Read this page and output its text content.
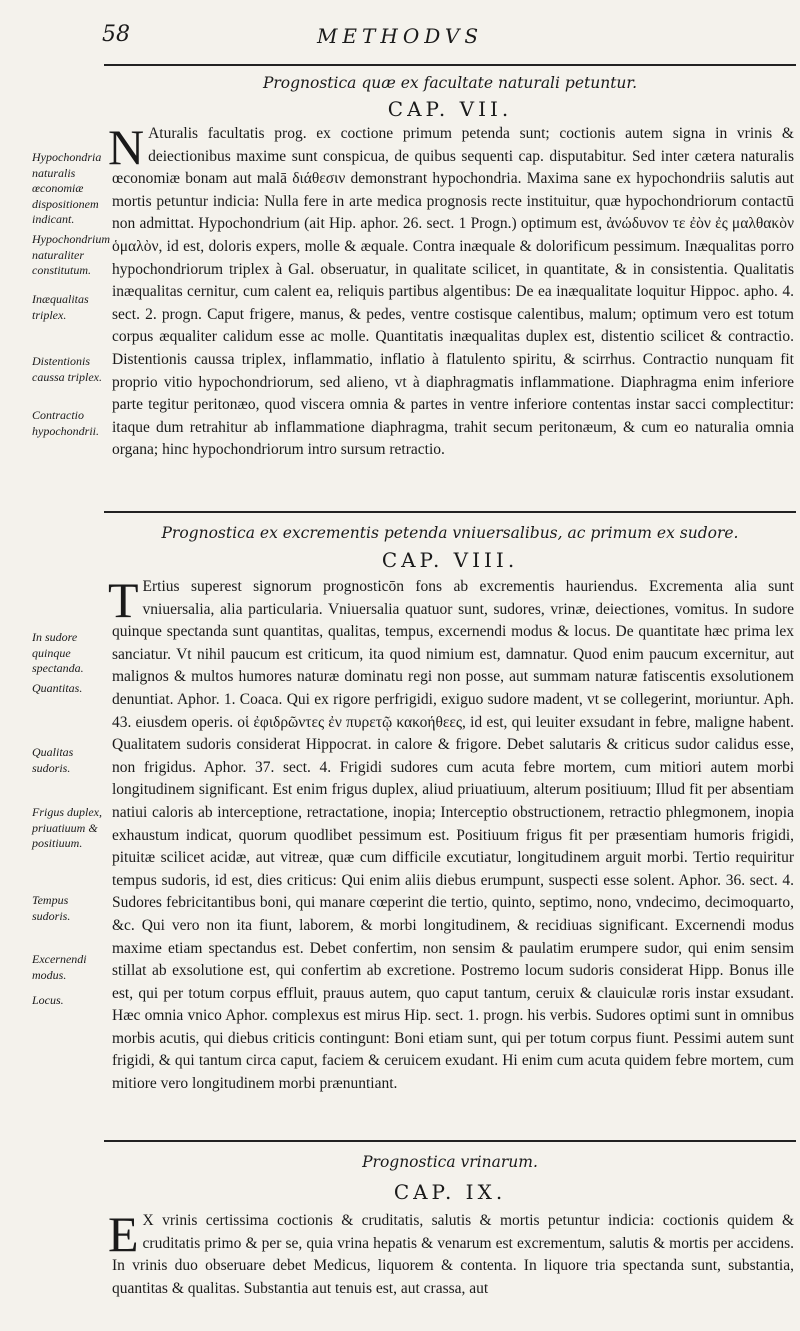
58	METHODVS
Prognostica quæ ex facultate naturali petuntur.
CAP. VII.
N Aturalis facultatis prog. ex coctione primum petenda sunt; coctionis autem signa in vrinis & deiectionibus maxime sunt conspicua, de quibus sequenti cap. disputabitur. Sed inter cætera naturalis œconomiæ bonam aut malā διάθεσιν demonstrant hypochondria. Maxima sane ex hypochondriis salutis aut mortis petuntur indicia: Nulla fere in arte medica prognosis recte instituitur, quæ hypochondriorum contactū non admittat. Hypochondrium (ait Hip. aphor. 26. sect. 1 Progn.) optimum est, ἀνώδυνον τε ἐὸν ἐς μαλθακὸν ὁμαλὸν, id est, doloris expers, molle & æquale. Contra inæquale & dolorificum pessimum. Inæqualitas porro hypochondriorum triplex à Gal. obseruatur, in qualitate scilicet, in quantitate, & in consistentia. Qualitatis inæqualitas cernitur, cum calent ea, reliquis partibus algentibus: De ea inæqualitate loquitur Hippoc. apho. 4. sect. 2. progn. Caput frigere, manus, & pedes, ventre costisque calentibus, malum; optimum vero est totum corpus æqualiter calidum esse ac molle. Quantitatis inæqualitas duplex est, distentio scilicet & contractio. Distentionis caussa triplex, inflammatio, inflatio à flatulento spiritu, & scirrhus. Contractio nunquam fit proprio vitio hypochondriorum, sed alieno, vt à diaphragmatis inflammatione. Diaphragma enim inferiore parte tegitur peritonæo, quod viscera omnia & partes in ventre inferiore contentas instar sacci complectitur: itaque dum retrahitur ab inflammatione diaphragma, trahit secum peritonæum, & cum eo naturalia omnia organa; hinc hypochondriorum intro sursum retractio.
Hypochondria naturalis œconomiæ dispositionem indicant.
Hypochondrium naturaliter constitutum.
Inæqualitas triplex.
Distentionis caussa triplex.
Contractio hypochondrii.
Prognostica ex excrementis petenda vniuersalibus, ac primum ex sudore.
CAP. VIII.
T Ertius superest signorum prognosticōn fons ab excrementis hauriendus. Excrementa alia sunt vniuersalia, alia particularia. Vniuersalia quatuor sunt, sudores, vrinæ, deiectiones, vomitus. In sudore quinque spectanda sunt quantitas, qualitas, tempus, excernendi modus & locus. De quantitate hæc prima lex sanciatur. Vt nihil paucum est criticum, ita quod nimium est, damnatur. Quod enim paucum excernitur, aut malignos & multos humores naturæ dominatu regi non posse, aut summam naturæ fatiscentis exsolutionem denuntiat. Aphor. 1. Coaca. Qui ex rigore perfrigidi, exiguo sudore madent, vt se collegerint, moriuntur. Aph. 43. eiusdem operis. οἱ ἐφιδρῶντες ἐν πυρετῷ κακοήθεες, id est, qui leuiter exsudant in febre, maligne habent. Qualitatem sudoris considerat Hippocrat. in calore & frigore. Debet salutaris & criticus sudor calidus esse, non frigidus. Aphor. 37. sect. 4. Frigidi sudores cum acuta febre mortem, cum mitiori autem morbi longitudinem significant. Est enim frigus duplex, aliud priuatiuum, alterum positiuum; Illud fit per absentiam natiui caloris ab interceptione, retractatione, inopia; Interceptio obstructionem, retractio phlegmonem, inopia exhaustum indicat, quorum quodlibet pessimum est. Positiuum frigus fit per præsentiam humoris frigidi, pituitæ scilicet acidæ, aut vitreæ, quæ cum difficile excutiatur, longitudinem arguit morbi. Tertio requiritur tempus sudoris, id est, dies criticus: Qui enim aliis diebus erumpunt, suspecti esse solent. Aphor. 36. sect. 4. Sudores febricitantibus boni, qui manare cœperint die tertio, quinto, septimo, nono, vndecimo, decimoquarto, &c. Qui vero non ita fiunt, laborem, & morbi longitudinem, & recidiuas significant. Excernendi modus maxime etiam spectandus est. Debet confertim, non sensim & paulatim erumpere sudor, qui enim sensim stillat ab exsolutione est, qui confertim ab excretione. Postremo locum sudoris considerat Hipp. Bonus ille est, qui per totum corpus effluit, prauus autem, quo caput tantum, ceruix & clauiculæ roris instar exsudant. Hæc omnia vnico Aphor. complexus est mirus Hip. sect. 1. progn. his verbis. Sudores optimi sunt in omnibus morbis acutis, qui diebus criticis contingunt: Boni etiam sunt, qui per totum corpus fiunt. Pessimi autem sunt frigidi, & qui tantum circa caput, faciem & ceruicem exudant. Hi enim cum acuta quidem febre mortem, cum mitiore vero longitudinem morbi prænuntiant.
In sudore quinque spectanda.
Quantitas.
Qualitas sudoris.
Frigus duplex, priuatiuum & positiuum.
Tempus sudoris.
Excernendi modus.
Locus.
Prognostica vrinarum.
CAP. IX.
E X vrinis certissima coctionis & cruditatis, salutis & mortis petuntur indicia: coctionis quidem & cruditatis primo & per se, quia vrina hepatis & venarum est excrementum, salutis & mortis per accidens. In vrinis duo obseruare debet Medicus, liquorem & contenta. In liquore tria spectanda sunt, substantia, quantitas & qualitas. Substantia aut tenuis est, aut crassa, aut
